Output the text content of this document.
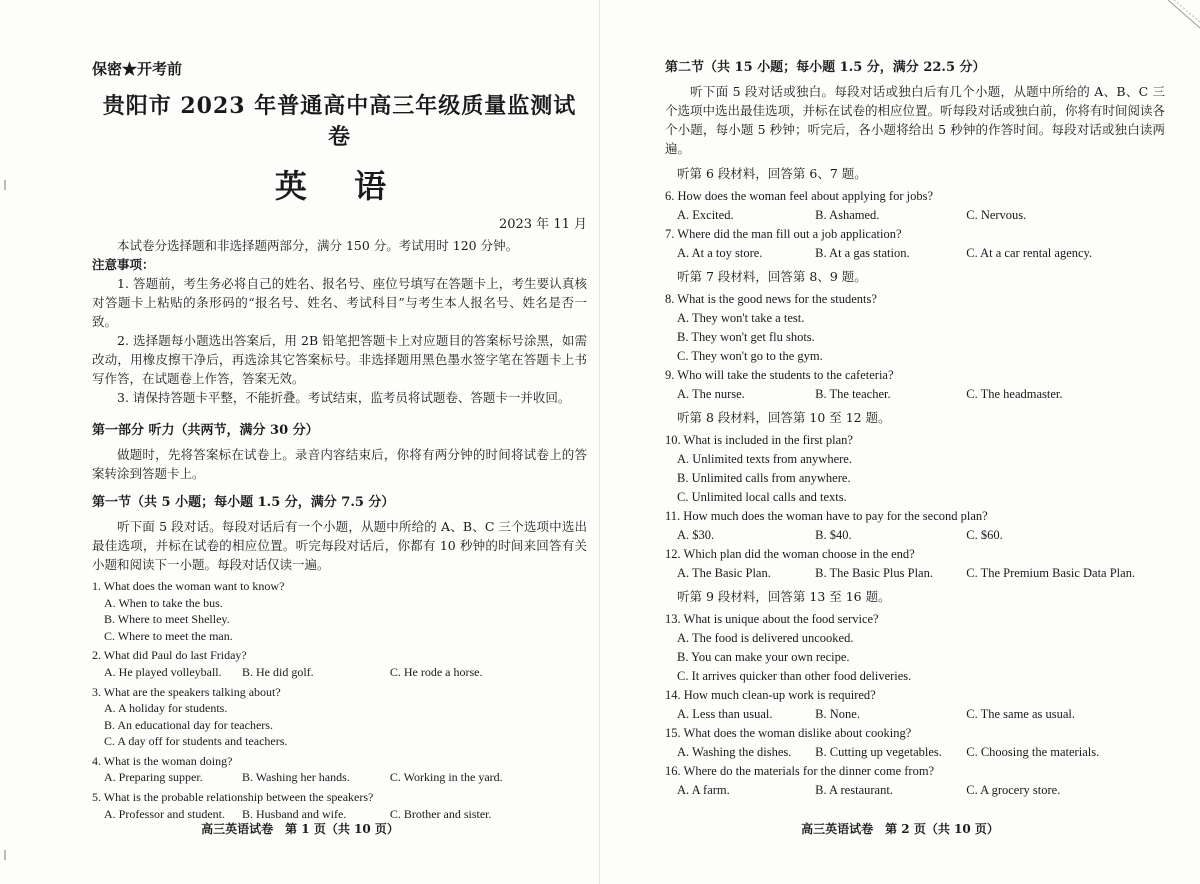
保密★开考前

贵阳市 2023 年普通高中高三年级质量监测试卷

英 语

2023 年 11 月

本试卷分选择题和非选择题两部分，满分 150 分。考试用时 120 分钟。

注意事项：

1. 答题前，考生务必将自己的姓名、报名号、座位号填写在答题卡上，考生要认真核对答题卡上粘贴的条形码的“报名号、姓名、考试科目”与考生本人报名号、姓名是否一致。

2. 选择题每小题选出答案后，用 2B 铅笔把答题卡上对应题目的答案标号涂黑，如需改动，用橡皮擦干净后，再选涂其它答案标号。非选择题用黑色墨水签字笔在答题卡上书写作答，在试题卷上作答，答案无效。

3. 请保持答题卡平整，不能折叠。考试结束，监考员将试题卷、答题卡一并收回。

第一部分 听力（共两节，满分 30 分）

做题时，先将答案标在试卷上。录音内容结束后，你将有两分钟的时间将试卷上的答案转涂到答题卡上。

第一节（共 5 小题；每小题 1.5 分，满分 7.5 分）

听下面 5 段对话。每段对话后有一个小题，从题中所给的 A、B、C 三个选项中选出最佳选项，并标在试卷的相应位置。听完每段对话后，你都有 10 秒钟的时间来回答有关小题和阅读下一小题。每段对话仅读一遍。

1. What does the woman want to know?

A. When to take the bus.

B. Where to meet Shelley.

C. Where to meet the man.

2. What did Paul do last Friday?

A. He played volleyball.	B. He did golf.	C. He rode a horse.

3. What are the speakers talking about?

A. A holiday for students.

B. An educational day for teachers.

C. A day off for students and teachers.

4. What is the woman doing?

A. Preparing supper.	B. Washing her hands.	C. Working in the yard.

5. What is the probable relationship between the speakers?

A. Professor and student.	B. Husband and wife.	C. Brother and sister.
高三英语试卷　第 1 页（共 10 页）

第二节（共 15 小题；每小题 1.5 分，满分 22.5 分）

听下面 5 段对话或独白。每段对话或独白后有几个小题，从题中所给的 A、B、C 三个选项中选出最佳选项，并标在试卷的相应位置。听每段对话或独白前，你将有时间阅读各个小题，每小题 5 秒钟；听完后，各小题将给出 5 秒钟的作答时间。每段对话或独白读两遍。

听第 6 段材料，回答第 6、7 题。

6. How does the woman feel about applying for jobs?

A. Excited.	B. Ashamed.	C. Nervous.

7. Where did the man fill out a job application?

A. At a toy store.	B. At a gas station.	C. At a car rental agency.

听第 7 段材料，回答第 8、9 题。

8. What is the good news for the students?

A. They won't take a test.

B. They won't get flu shots.

C. They won't go to the gym.

9. Who will take the students to the cafeteria?

A. The nurse.	B. The teacher.	C. The headmaster.

听第 8 段材料，回答第 10 至 12 题。

10. What is included in the first plan?

A. Unlimited texts from anywhere.

B. Unlimited calls from anywhere.

C. Unlimited local calls and texts.

11. How much does the woman have to pay for the second plan?

A. $30.	B. $40.	C. $60.

12. Which plan did the woman choose in the end?

A. The Basic Plan.	B. The Basic Plus Plan.	C. The Premium Basic Data Plan.

听第 9 段材料，回答第 13 至 16 题。

13. What is unique about the food service?

A. The food is delivered uncooked.

B. You can make your own recipe.

C. It arrives quicker than other food deliveries.

14. How much clean-up work is required?

A. Less than usual.	B. None.	C. The same as usual.

15. What does the woman dislike about cooking?

A. Washing the dishes.	B. Cutting up vegetables.	C. Choosing the materials.

16. Where do the materials for the dinner come from?

A. A farm.	B. A restaurant.	C. A grocery store.
高三英语试卷　第 2 页（共 10 页）
